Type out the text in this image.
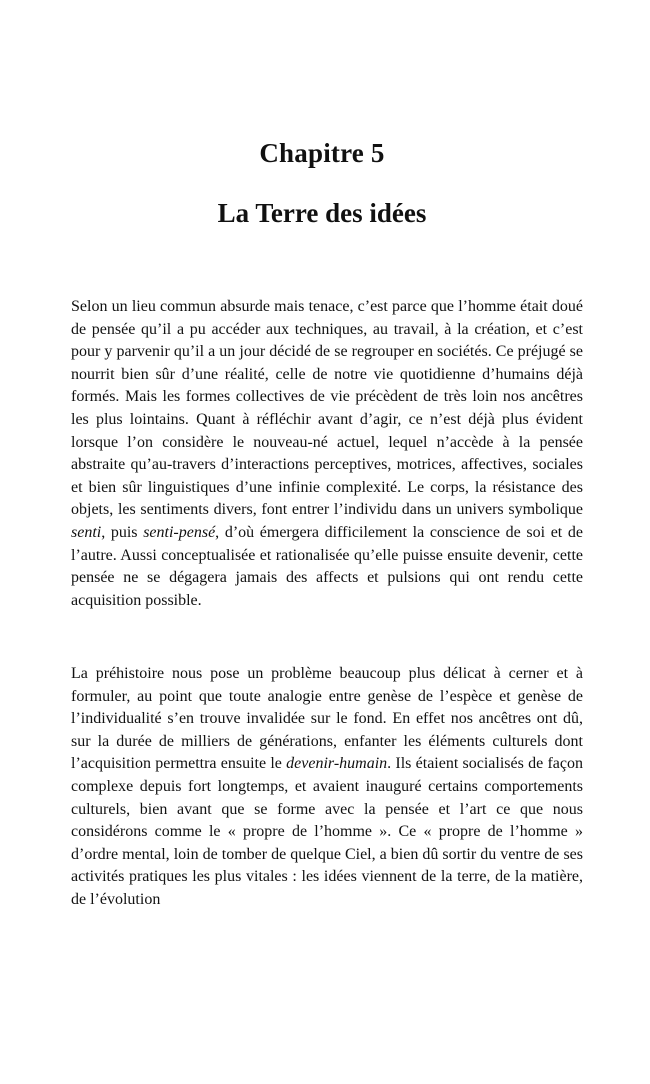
Chapitre 5
La Terre des idées

Selon un lieu commun absurde mais tenace, c’est parce que l’homme était doué de pensée qu’il a pu accéder aux techniques, au travail, à la création, et c’est pour y parvenir qu’il a un jour décidé de se regrouper en sociétés. Ce préjugé se nourrit bien sûr d’une réalité, celle de notre vie quotidienne d’humains déjà formés. Mais les formes collectives de vie précèdent de très loin nos ancêtres les plus lointains. Quant à réfléchir avant d’agir, ce n’est déjà plus évident lorsque l’on considère le nouveau-né actuel, lequel n’accède à la pensée abstraite qu’au-travers d’interactions perceptives, motrices, affectives, sociales et bien sûr linguistiques d’une infinie complexité. Le corps, la résistance des objets, les sentiments divers, font entrer l’individu dans un univers symbolique senti, puis senti-pensé, d’où émergera difficilement la conscience de soi et de l’autre. Aussi conceptualisée et rationalisée qu’elle puisse ensuite devenir, cette pensée ne se dégagera jamais des affects et pulsions qui ont rendu cette acquisition possible.

La préhistoire nous pose un problème beaucoup plus délicat à cerner et à formuler, au point que toute analogie entre genèse de l’espèce et genèse de l’individualité s’en trouve invalidée sur le fond. En effet nos ancêtres ont dû, sur la durée de milliers de générations, enfanter les éléments culturels dont l’acquisition permettra ensuite le devenir-humain. Ils étaient socialisés de façon complexe depuis fort longtemps, et avaient inauguré certains comportements culturels, bien avant que se forme avec la pensée et l’art ce que nous considérons comme le « propre de l’homme ». Ce « propre de l’homme » d’ordre mental, loin de tomber de quelque Ciel, a bien dû sortir du ventre de ses activités pratiques les plus vitales : les idées viennent de la terre, de la matière, de l’évolution
